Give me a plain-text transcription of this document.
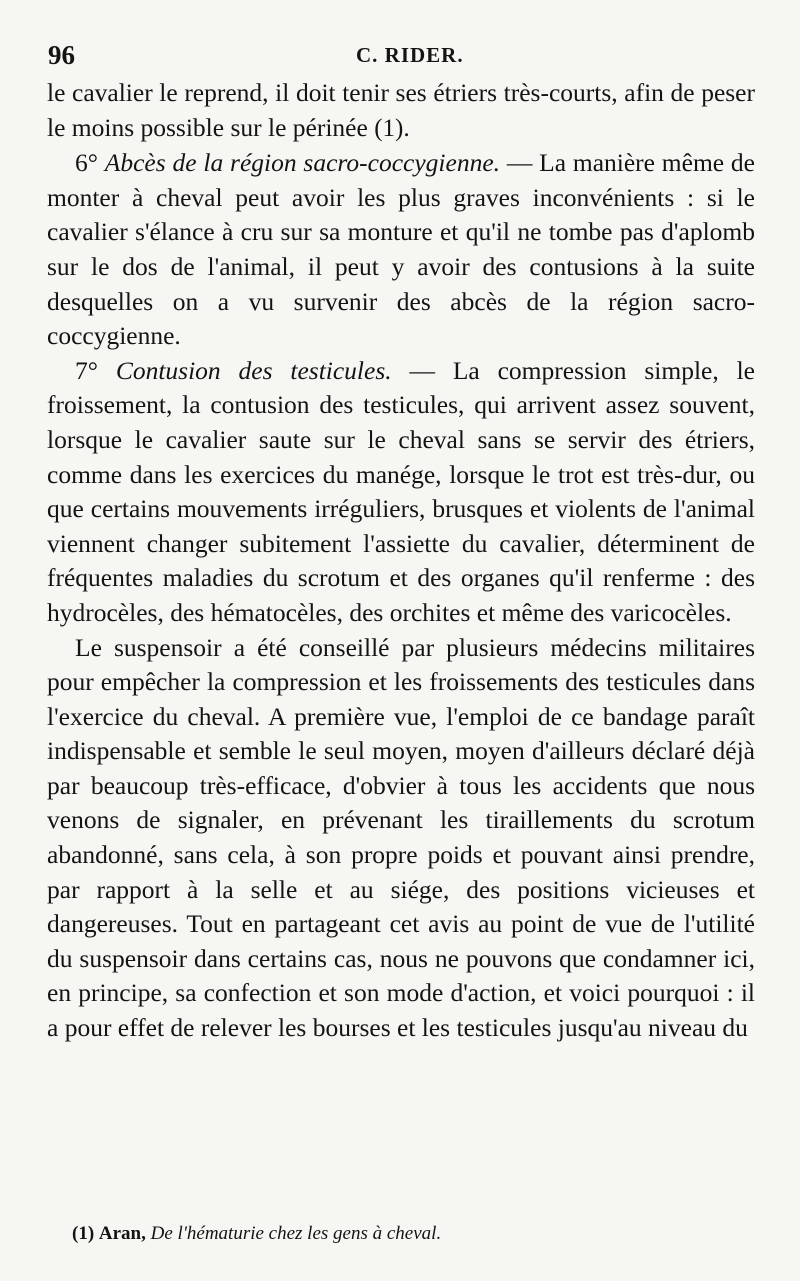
96	C. RIDER.

le cavalier le reprend, il doit tenir ses étriers très-courts, afin de peser le moins possible sur le périnée (1).

6° Abcès de la région sacro-coccygienne. — La manière même de monter à cheval peut avoir les plus graves inconvénients : si le cavalier s'élance à cru sur sa monture et qu'il ne tombe pas d'aplomb sur le dos de l'animal, il peut y avoir des contusions à la suite desquelles on a vu survenir des abcès de la région sacro-coccygienne.

7° Contusion des testicules. — La compression simple, le froissement, la contusion des testicules, qui arrivent assez souvent, lorsque le cavalier saute sur le cheval sans se servir des étriers, comme dans les exercices du manége, lorsque le trot est très-dur, ou que certains mouvements irréguliers, brusques et violents de l'animal viennent changer subitement l'assiette du cavalier, déterminent de fréquentes maladies du scrotum et des organes qu'il renferme : des hydrocèles, des hématocèles, des orchites et même des varicocèles.

Le suspensoir a été conseillé par plusieurs médecins militaires pour empêcher la compression et les froissements des testicules dans l'exercice du cheval. A première vue, l'emploi de ce bandage paraît indispensable et semble le seul moyen, moyen d'ailleurs déclaré déjà par beaucoup très-efficace, d'obvier à tous les accidents que nous venons de signaler, en prévenant les tiraillements du scrotum abandonné, sans cela, à son propre poids et pouvant ainsi prendre, par rapport à la selle et au siége, des positions vicieuses et dangereuses. Tout en partageant cet avis au point de vue de l'utilité du suspensoir dans certains cas, nous ne pouvons que condamner ici, en principe, sa confection et son mode d'action, et voici pourquoi : il a pour effet de relever les bourses et les testicules jusqu'au niveau du

(1) Aran, De l'hématurie chez les gens à cheval.
